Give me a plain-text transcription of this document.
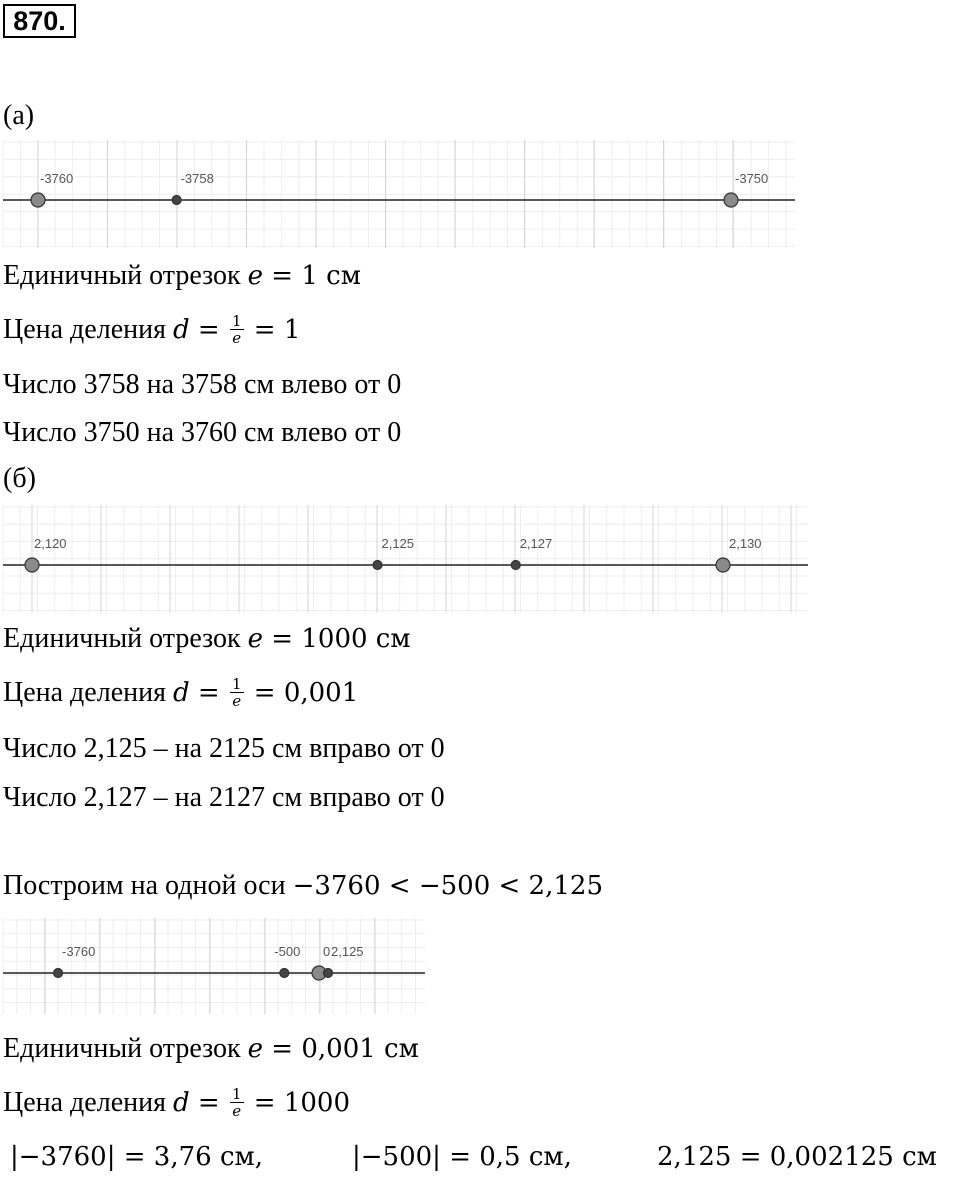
870.
(а)
-3760	-3758	-3750
Единичный отрезок e = 1 см
Цена деления $d = \frac{1}{e} = 1$
Число 3758 на 3758 см влево от 0
Число 3750 на 3760 см влево от 0
(б)
2,120	2,125	2,127	2,130
Единичный отрезок e = 1000 см
Цена деления $d = \frac{1}{e} = 0,001$
Число 2,125 – на 2125 см вправо от 0
Число 2,127 – на 2127 см вправо от 0
Построим на одной оси −3760 < −500 < 2,125
-3760	-500 0 2,125
Единичный отрезок e = 0,001 см
Цена деления $d = \frac{1}{e} = 1000$
|−3760| = 3,76 см,	|−500| = 0,5 см,	2,125 = 0,002125 см
